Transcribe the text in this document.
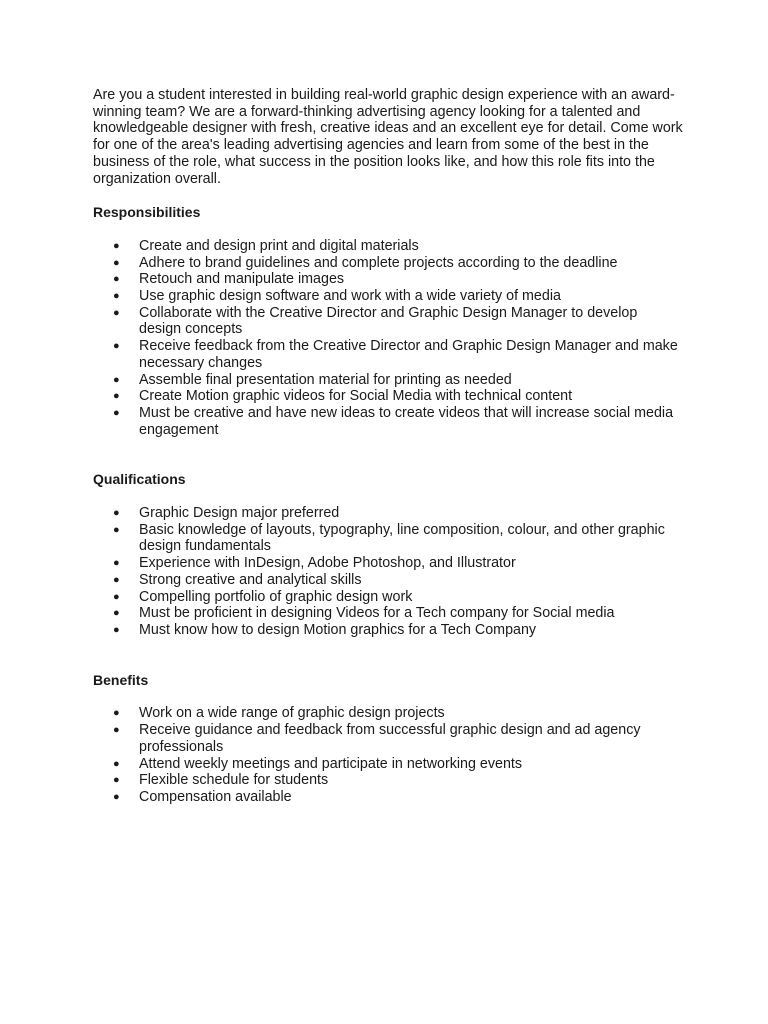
Are you a student interested in building real-world graphic design experience with an award-winning team? We are a forward-thinking advertising agency looking for a talented and knowledgeable designer with fresh, creative ideas and an excellent eye for detail. Come work for one of the area's leading advertising agencies and learn from some of the best in the business of the role, what success in the position looks like, and how this role fits into the organization overall.

Responsibilities
● Create and design print and digital materials
● Adhere to brand guidelines and complete projects according to the deadline
● Retouch and manipulate images
● Use graphic design software and work with a wide variety of media
● Collaborate with the Creative Director and Graphic Design Manager to develop design concepts
● Receive feedback from the Creative Director and Graphic Design Manager and make necessary changes
● Assemble final presentation material for printing as needed
● Create Motion graphic videos for Social Media with technical content
● Must be creative and have new ideas to create videos that will increase social media engagement
Qualifications
● Graphic Design major preferred
● Basic knowledge of layouts, typography, line composition, colour, and other graphic design fundamentals
● Experience with InDesign, Adobe Photoshop, and Illustrator
● Strong creative and analytical skills
● Compelling portfolio of graphic design work
● Must be proficient in designing Videos for a Tech company for Social media
● Must know how to design Motion graphics for a Tech Company
Benefits
● Work on a wide range of graphic design projects
● Receive guidance and feedback from successful graphic design and ad agency professionals
● Attend weekly meetings and participate in networking events
● Flexible schedule for students
● Compensation available
